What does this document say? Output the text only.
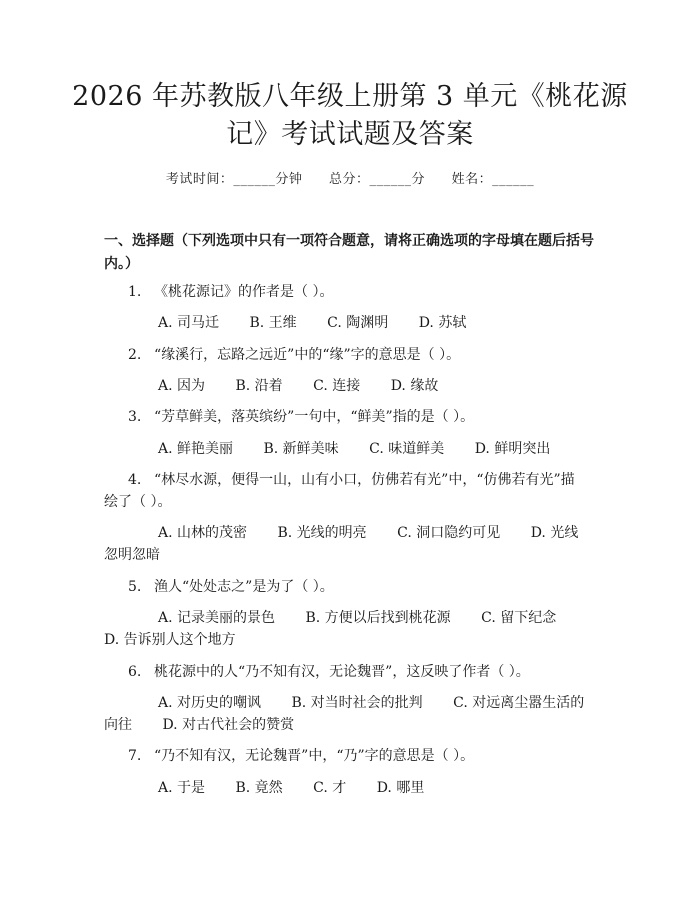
2026 年苏教版八年级上册第 3 单元《桃花源
记》考试试题及答案
考试时间：______分钟 总分：______分 姓名：______
一、选择题（下列选项中只有一项符合题意，请将正确选项的字母填在题后括号
内。）
1. 《桃花源记》的作者是（ ）。
A. 司马迁 B. 王维 C. 陶渊明 D. 苏轼
2. “缘溪行，忘路之远近”中的“缘”字的意思是（ ）。
A. 因为 B. 沿着 C. 连接 D. 缘故
3. “芳草鲜美，落英缤纷”一句中，“鲜美”指的是（ ）。
A. 鲜艳美丽 B. 新鲜美味 C. 味道鲜美 D. 鲜明突出
4. “林尽水源，便得一山，山有小口，仿佛若有光”中，“仿佛若有光”描
绘了（ ）。
A. 山林的茂密 B. 光线的明亮 C. 洞口隐约可见 D. 光线
忽明忽暗
5. 渔人“处处志之”是为了（ ）。
A. 记录美丽的景色 B. 方便以后找到桃花源 C. 留下纪念
D. 告诉别人这个地方
6. 桃花源中的人“乃不知有汉，无论魏晋”，这反映了作者（ ）。
A. 对历史的嘲讽 B. 对当时社会的批判 C. 对远离尘嚣生活的
向往 D. 对古代社会的赞赏
7. “乃不知有汉，无论魏晋”中，“乃”字的意思是（ ）。
A. 于是 B. 竟然 C. 才 D. 哪里
